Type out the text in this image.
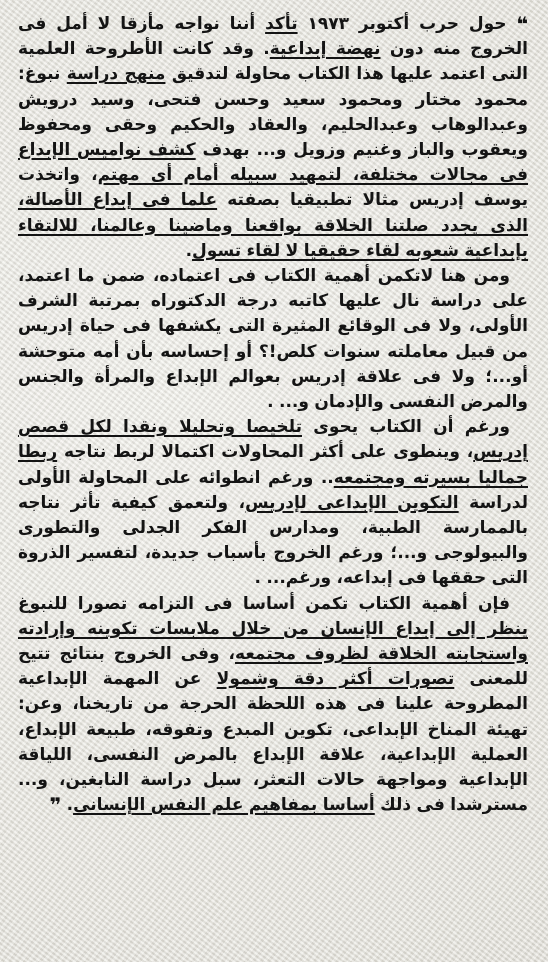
❝ حول حرب أكتوبر ١٩٧٣ تأكد أننا نواجه مأزقا لا أمل فى الخروج منه دون نهضة إبداعية. وقد كانت الأطروحة العلمية التى اعتمد عليها هذا الكتاب محاولة لتدقيق منهج دراسة نبوغ: محمود مختار ومحمود سعيد وحسن فتحى، وسيد درويش وعبدالوهاب وعبدالحليم، والعقاد والحكيم وحقى ومحفوظ ويعقوب والباز وغنيم وزويل و... بهدف كشف نواميس الإبداع فى مجالات مختلفة، لتمهيد سبيله أمام أى مهتم، واتخذت يوسف إدريس مثالا تطبيقيا بصفته علما فى إبداع الأصالة، الذى يجدد صلتنا الخلاقة بواقعنا وماضينا وعالمنا، للالتقاء بإبداعية شعوبه لقاء حقيقيا لا لقاء تسول.

ومن هنا لاتكمن أهمية الكتاب فى اعتماده، ضمن ما اعتمد، على دراسة نال عليها كاتبه درجة الدكتوراه بمرتبة الشرف الأولى، ولا فى الوقائع المثيرة التى يكشفها فى حياة إدريس من قبيل معاملته سنوات كلص!؟ أو إحساسه بأن أمه متوحشة أو...؛ ولا فى علاقة إدريس بعوالم الإبداع والمرأة والجنس والمرض النفسى والإدمان و... .

ورغم أن الكتاب يحوى تلخيصا وتحليلا ونقدا لكل قصص إدريس، وينطوى على أكثر المحاولات اكتمالا لربط نتاجه ربطا جماليا بسيرته ومجتمعه.. ورغم انطوائه على المحاولة الأولى لدراسة التكوين الإبداعى لإدريس، ولتعمق كيفية تأثر نتاجه بالممارسة الطبية، ومدارس الفكر الجدلى والتطورى والبيولوجى و...؛ ورغم الخروج بأسباب جديدة، لتفسير الذروة التى حققها فى إبداعه، ورغم... .

فإن أهمية الكتاب تكمن أساسا فى التزامه تصورا للنبوغ ينظر إلى إبداع الإنسان من خلال ملابسات تكوينه وإرادته واستجابته الخلاقة لظروف مجتمعه، وفى الخروج بنتائج تتيح للمعنى تصورات أكثر دقة وشمولا عن المهمة الإبداعية المطروحة علينا فى هذه اللحظة الحرجة من تاريخنا، وعن: تهيئة المناخ الإبداعى، تكوين المبدع وتفوقه، طبيعة الإبداع، العملية الإبداعية، علاقة الإبداع بالمرض النفسى، اللياقة الإبداعية ومواجهة حالات التعثر، سبل دراسة النابغين، و... مسترشدا فى ذلك أساسا بمفاهيم علم النفس الإنسانى. ❞
